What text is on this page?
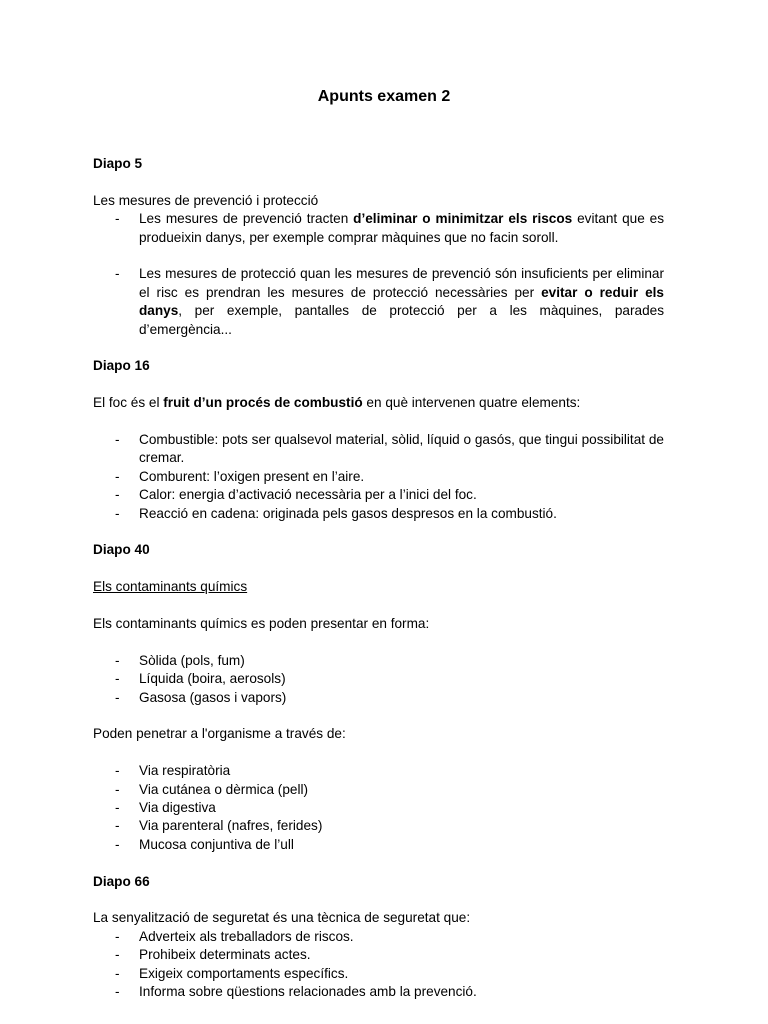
Apunts examen 2
Diapo 5

Les mesures de prevenció i protecció

- Les mesures de prevenció tracten d’eliminar o minimitzar els riscos evitant que es produeixin danys, per exemple comprar màquines que no facin soroll.
- Les mesures de protecció quan les mesures de prevenció són insuficients per eliminar el risc es prendran les mesures de protecció necessàries per evitar o reduir els danys, per exemple, pantalles de protecció per a les màquines, parades d’emergència...
Diapo 16

El foc és el fruit d’un procés de combustió en què intervenen quatre elements:

- Combustible: pots ser qualsevol material, sòlid, líquid o gasós, que tingui possibilitat de cremar.
- Comburent: l’oxigen present en l’aire.
- Calor: energia d’activació necessària per a l’inici del foc.
- Reacció en cadena: originada pels gasos despresos en la combustió.
Diapo 40

Els contaminants químics

Els contaminants químics es poden presentar en forma:

- Sòlida (pols, fum)
- Líquida (boira, aerosols)
- Gasosa (gasos i vapors)

Poden penetrar a l'organisme a través de:

- Via respiratòria
- Via cutánea o dèrmica (pell)
- Via digestiva
- Via parenteral (nafres, ferides)
- Mucosa conjuntiva de l’ull
Diapo 66

La senyalització de seguretat és una tècnica de seguretat que:

- Adverteix als treballadors de riscos.
- Prohibeix determinats actes.
- Exigeix comportaments específics.
- Informa sobre qüestions relacionades amb la prevenció.
